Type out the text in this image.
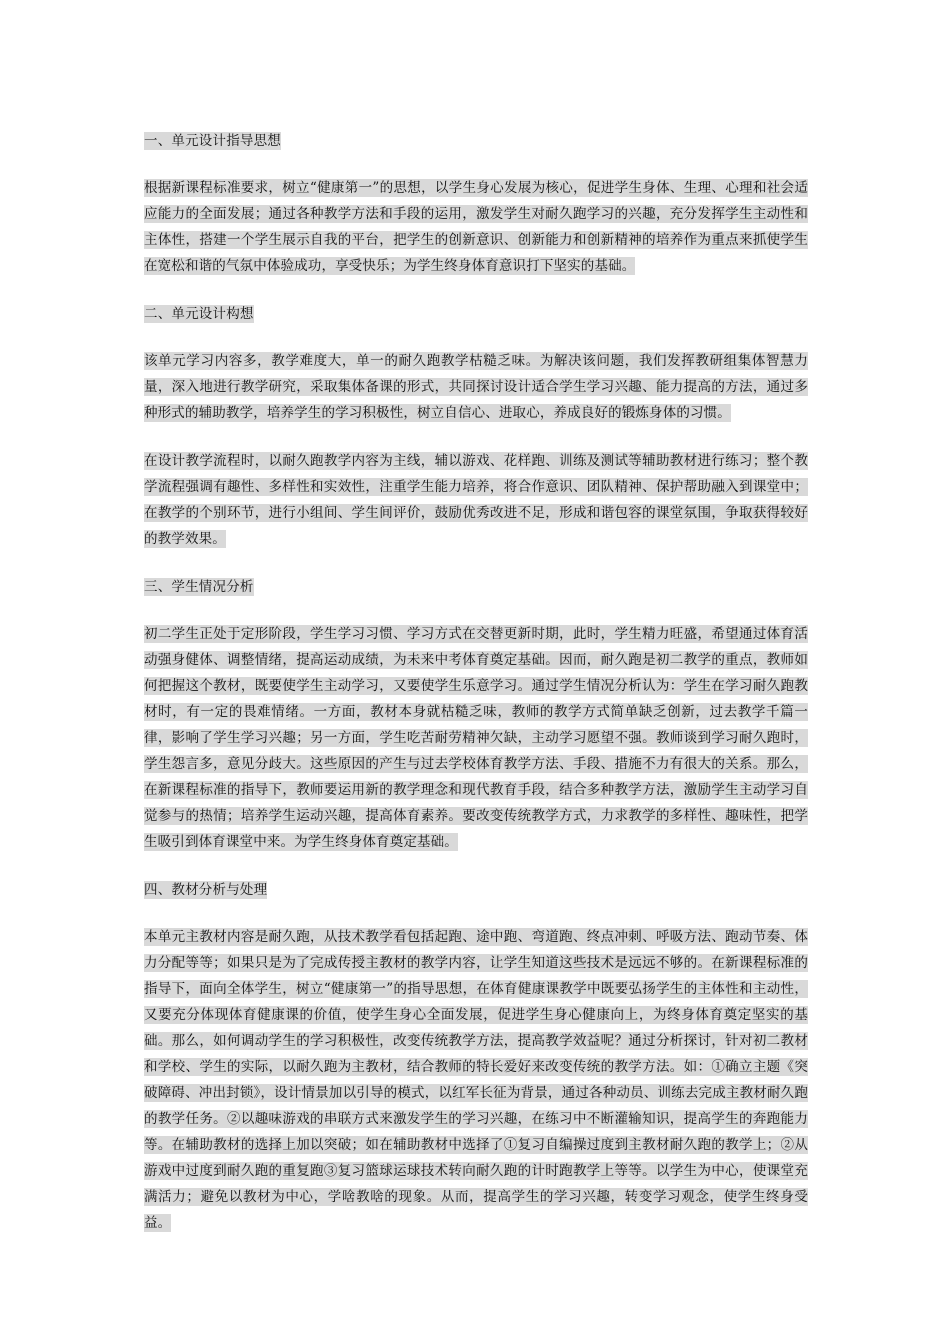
一、单元设计指导思想
根据新课程标准要求，树立“健康第一”的思想，以学生身心发展为核心，促进学生身体、生理、心理和社会适应能力的全面发展；通过各种教学方法和手段的运用，激发学生对耐久跑学习的兴趣，充分发挥学生主动性和主体性，搭建一个学生展示自我的平台，把学生的创新意识、创新能力和创新精神的培养作为重点来抓使学生在宽松和谐的气氛中体验成功，享受快乐；为学生终身体育意识打下坚实的基础。
二、单元设计构想
该单元学习内容多，教学难度大，单一的耐久跑教学枯糙乏味。为解决该问题，我们发挥教研组集体智慧力量，深入地进行教学研究，采取集体备课的形式，共同探讨设计适合学生学习兴趣、能力提高的方法，通过多种形式的辅助教学，培养学生的学习积极性，树立自信心、进取心，养成良好的锻炼身体的习惯。
在设计教学流程时，以耐久跑教学内容为主线，辅以游戏、花样跑、训练及测试等辅助教材进行练习；整个教学流程强调有趣性、多样性和实效性，注重学生能力培养，将合作意识、团队精神、保护帮助融入到课堂中；在教学的个别环节，进行小组间、学生间评价，鼓励优秀改进不足，形成和谐包容的课堂氛围，争取获得较好的教学效果。
三、学生情况分析
初二学生正处于定形阶段，学生学习习惯、学习方式在交替更新时期，此时，学生精力旺盛，希望通过体育活动强身健体、调整情绪，提高运动成绩，为未来中考体育奠定基础。因而，耐久跑是初二教学的重点，教师如何把握这个教材，既要使学生主动学习，又要使学生乐意学习。通过学生情况分析认为：学生在学习耐久跑教材时，有一定的畏难情绪。一方面，教材本身就枯糙乏味，教师的教学方式简单缺乏创新，过去教学千篇一律，影响了学生学习兴趣；另一方面，学生吃苦耐劳精神欠缺，主动学习愿望不强。教师谈到学习耐久跑时，学生怨言多，意见分歧大。这些原因的产生与过去学校体育教学方法、手段、措施不力有很大的关系。那么，在新课程标准的指导下，教师要运用新的教学理念和现代教育手段，结合多种教学方法，激励学生主动学习自觉参与的热情；培养学生运动兴趣，提高体育素养。要改变传统教学方式，力求教学的多样性、趣味性，把学生吸引到体育课堂中来。为学生终身体育奠定基础。
四、教材分析与处理
本单元主教材内容是耐久跑，从技术教学看包括起跑、途中跑、弯道跑、终点冲刺、呼吸方法、跑动节奏、体力分配等等；如果只是为了完成传授主教材的教学内容，让学生知道这些技术是远远不够的。在新课程标准的指导下，面向全体学生，树立“健康第一”的指导思想，在体育健康课教学中既要弘扬学生的主体性和主动性，又要充分体现体育健康课的价值，使学生身心全面发展，促进学生身心健康向上，为终身体育奠定坚实的基础。那么，如何调动学生的学习积极性，改变传统教学方法，提高教学效益呢？通过分析探讨，针对初二教材和学校、学生的实际，以耐久跑为主教材，结合教师的特长爱好来改变传统的教学方法。如：①确立主题《突破障碍、冲出封锁》，设计情景加以引导的模式，以红军长征为背景，通过各种动员、训练去完成主教材耐久跑的教学任务。②以趣味游戏的串联方式来激发学生的学习兴趣，在练习中不断灌输知识，提高学生的奔跑能力等。在辅助教材的选择上加以突破；如在辅助教材中选择了①复习自编操过度到主教材耐久跑的教学上；②从游戏中过度到耐久跑的重复跑③复习篮球运球技术转向耐久跑的计时跑教学上等等。以学生为中心，使课堂充满活力；避免以教材为中心，学啥教啥的现象。从而，提高学生的学习兴趣，转变学习观念，使学生终身受益。
